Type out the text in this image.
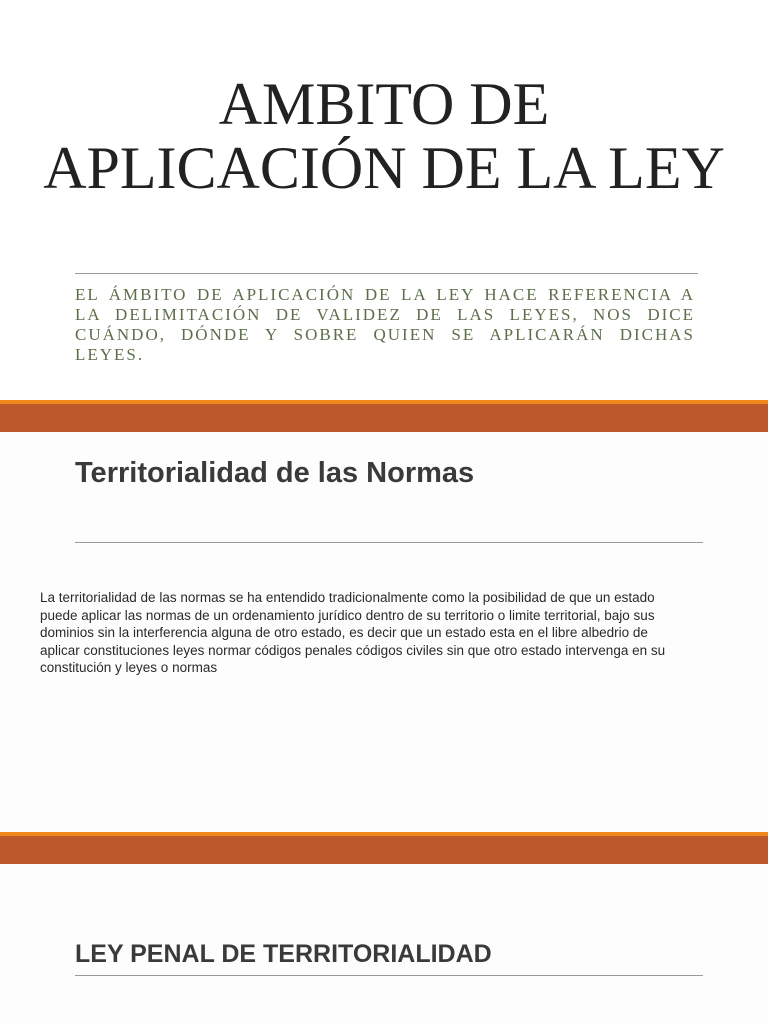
AMBITO DE APLICACIÓN DE LA LEY

EL ÁMBITO DE APLICACIÓN DE LA LEY HACE REFERENCIA A LA DELIMITACIÓN DE VALIDEZ DE LAS LEYES, NOS DICE CUÁNDO, DÓNDE Y SOBRE QUIEN SE APLICARÁN DICHAS LEYES.

Territorialidad de las Normas

La territorialidad de las normas se ha entendido tradicionalmente como la posibilidad de que un estado puede aplicar las normas de un ordenamiento jurídico dentro de su territorio o limite territorial, bajo sus dominios sin la interferencia alguna de otro estado, es decir que un estado esta en el libre albedrio de aplicar constituciones leyes normar códigos penales códigos civiles sin que otro estado intervenga en su constitución y leyes o normas

LEY PENAL DE TERRITORIALIDAD
